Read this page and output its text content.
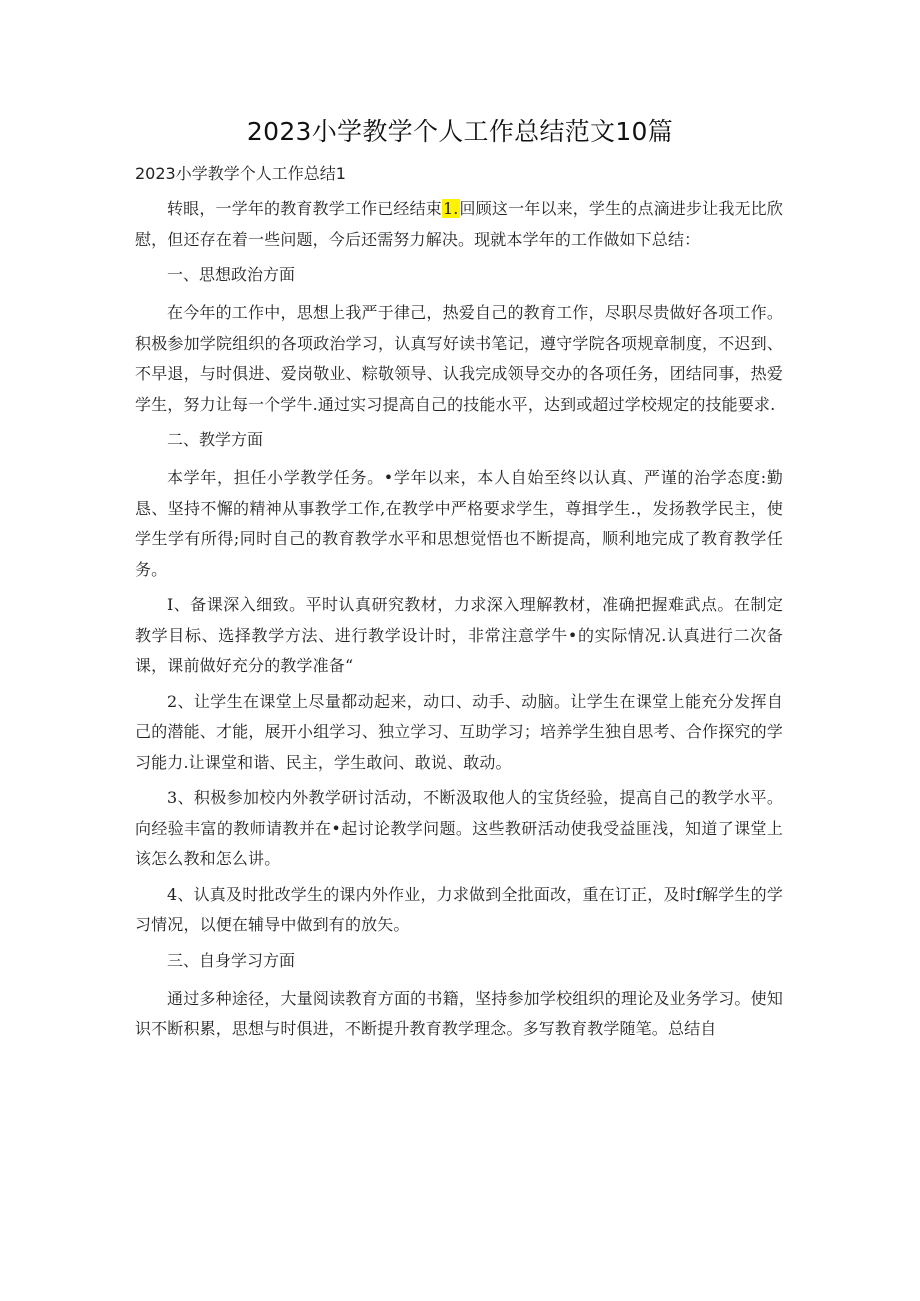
2023小学教学个人工作总结范文10篇
2023小学教学个人工作总结1

转眼，一学年的教育教学工作已经结束1.回顾这一年以来，学生的点滴进步让我无比欣慰，但还存在着一些问题，今后还需努力解决。现就本学年的工作做如下总结：

一、思想政治方面

在今年的工作中，思想上我严于律己，热爱自己的教育工作，尽职尽贵做好各项工作。积极参加学院组织的各项政治学习，认真写好读书笔记，遵守学院各项规章制度，不迟到、不早退，与时俱进、爱岗敬业、粽敬领导、认我完成领导交办的各项任务，团结同事，热爱学生，努力让每一个学牛.通过实习提高自己的技能水平，达到或超过学校规定的技能要求.

二、教学方面

本学年，担任小学教学任务。•学年以来，本人自始至终以认真、严谨的治学态度:勤恳、坚持不懈的精神从事教学工作,在教学中严格要求学生，尊揖学生.，发扬教学民主，使学生学有所得;同时自己的教育教学水平和思想觉悟也不断提高，顺利地完成了教育教学任务。

I、备课深入细致。平时认真研究教材，力求深入理解教材，准确把握难武点。在制定教学目标、选择教学方法、进行教学设计时，非常注意学牛•的实际情况.认真进行二次备课，课前做好充分的教学准备“

2、让学生在课堂上尽量都动起来，动口、动手、动脑。让学生在课堂上能充分发挥自己的潜能、才能，展开小组学习、独立学习、互助学习；培养学生独自思考、合作探究的学习能力.让课堂和谐、民主，学生敢问、敢说、敢动。

3、积极参加校内外教学研讨活动，不断汲取他人的宝货经验，提高自己的教学水平。向经验丰富的教师请教并在•起讨论教学问题。这些教研活动使我受益匪浅，知道了课堂上该怎么教和怎么讲。

4、认真及时批改学生的课内外作业，力求做到全批面改，重在订正，及时f解学生的学习情况，以便在辅导中做到有的放矢。

三、自身学习方面

通过多种途径，大量阅读教育方面的书籍，坚持参加学校组织的理论及业务学习。使知识不断积累，思想与时俱进，不断提升教育教学理念。多写教育教学随笔。总结自
